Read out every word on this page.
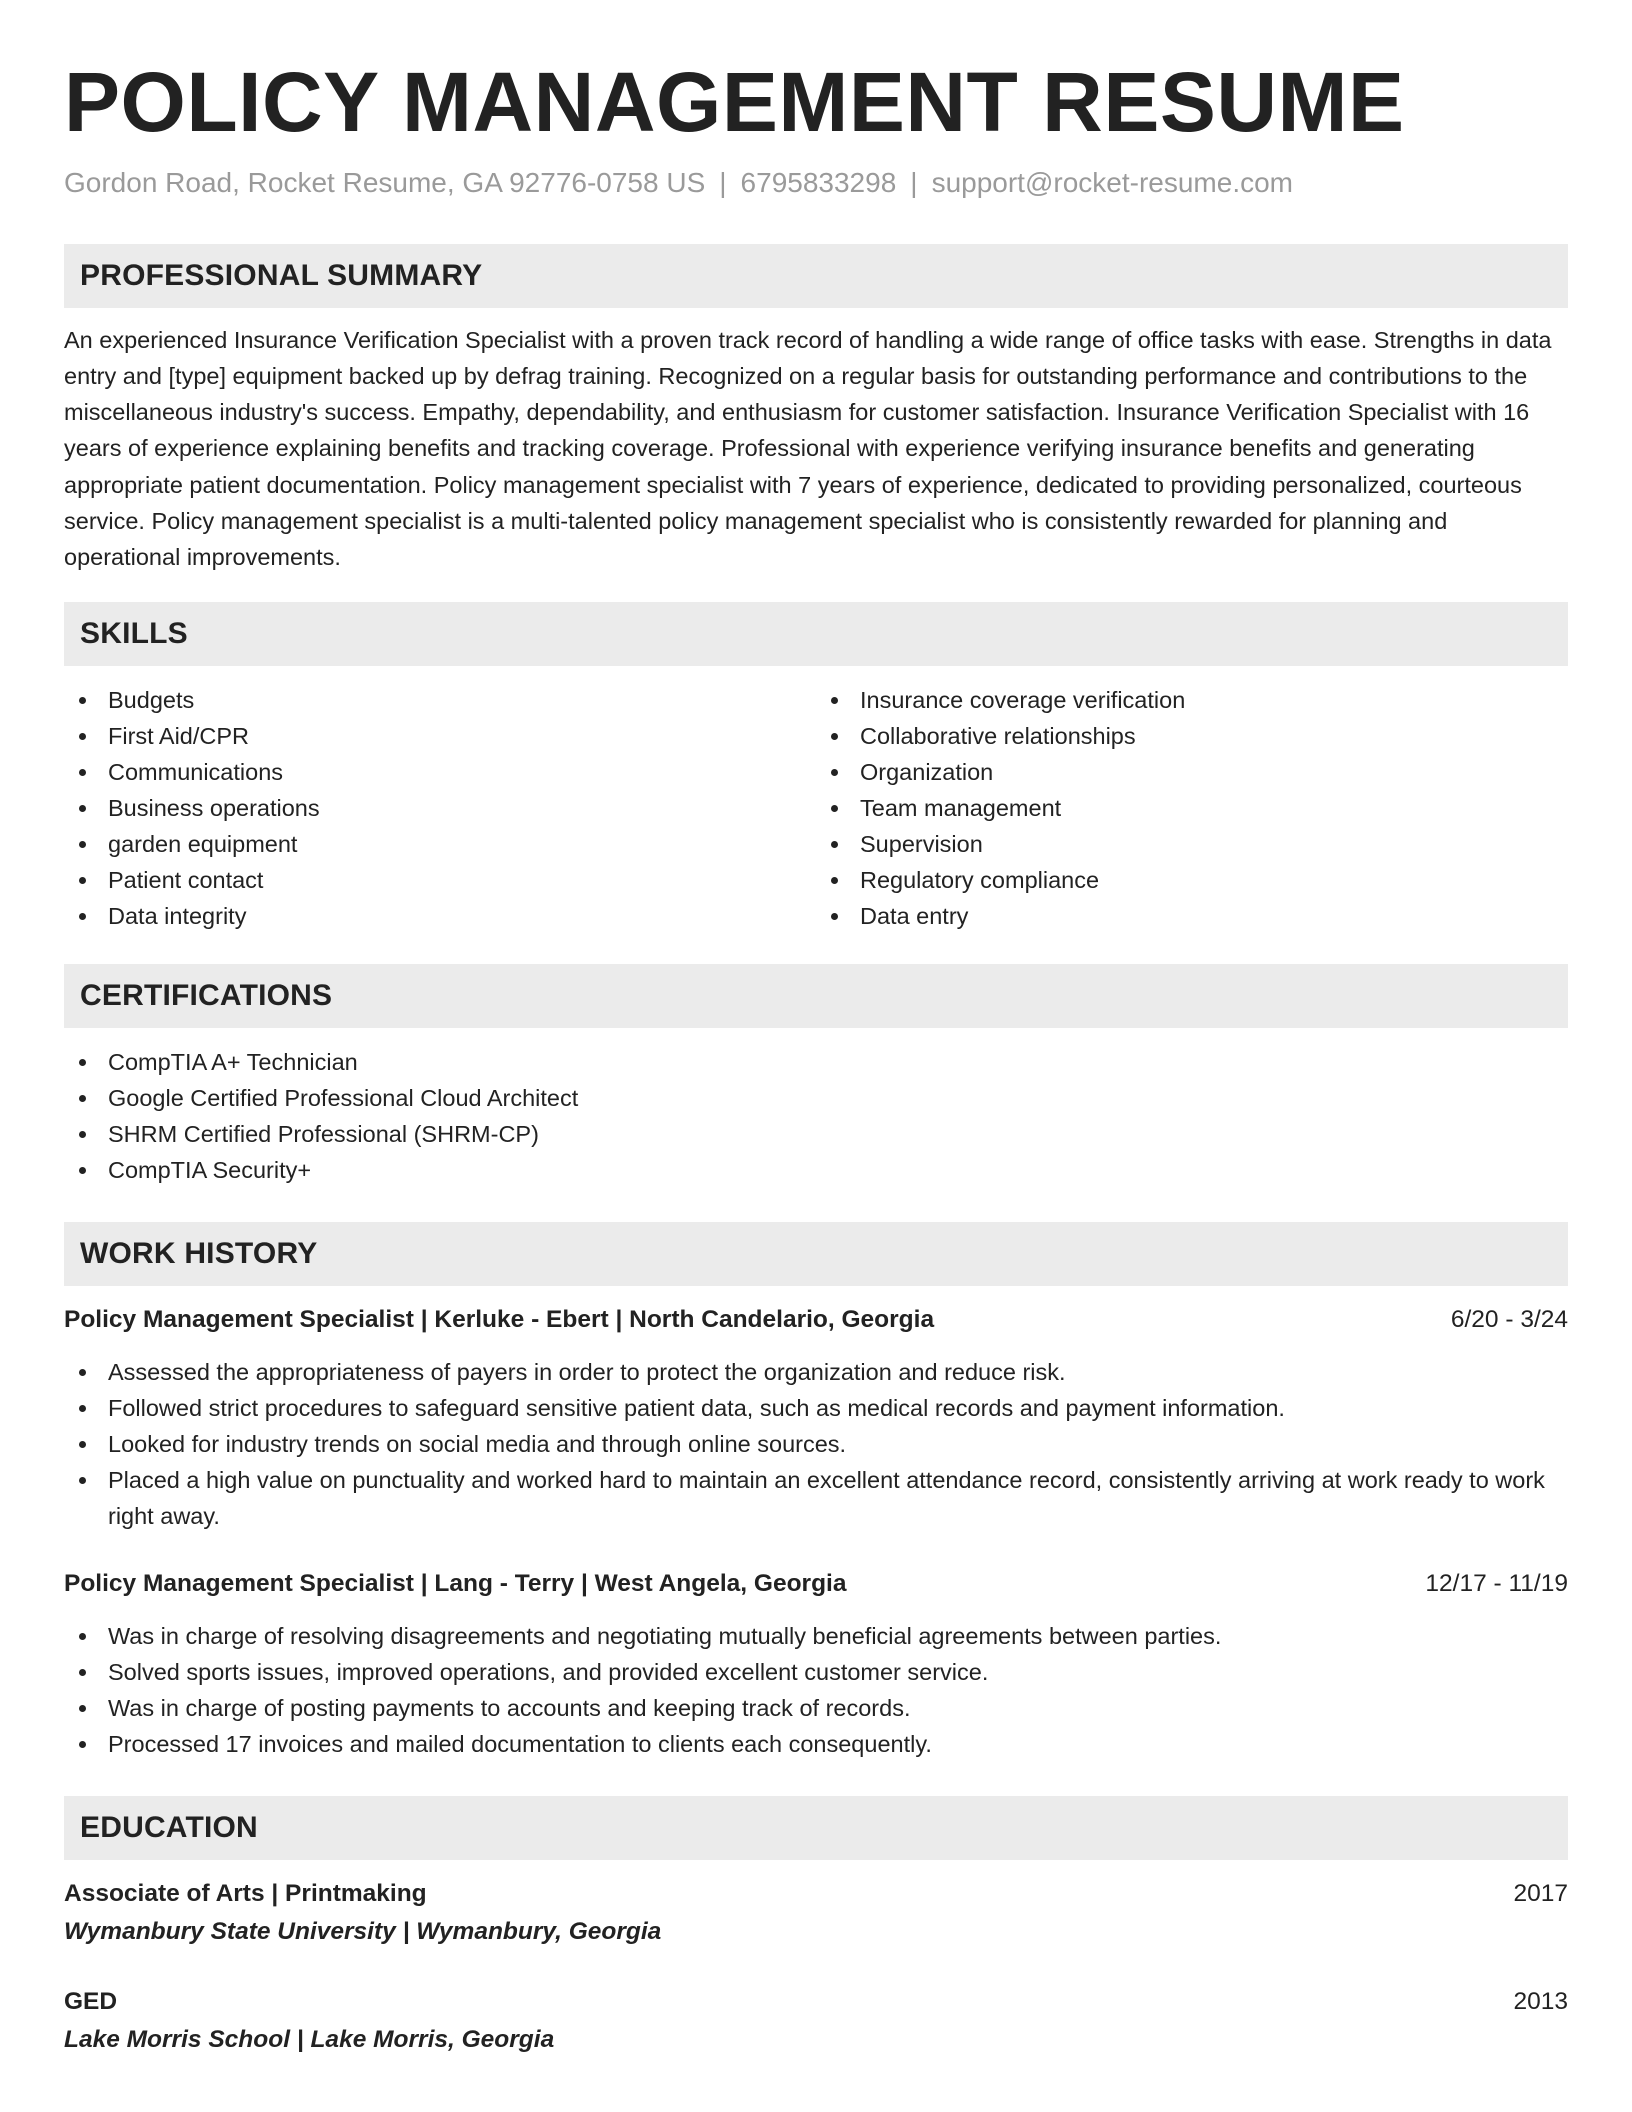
POLICY MANAGEMENT RESUME
Gordon Road, Rocket Resume, GA 92776-0758 US | 6795833298 | support@rocket-resume.com
PROFESSIONAL SUMMARY

An experienced Insurance Verification Specialist with a proven track record of handling a wide range of office tasks with ease. Strengths in data entry and [type] equipment backed up by defrag training. Recognized on a regular basis for outstanding performance and contributions to the miscellaneous industry's success. Empathy, dependability, and enthusiasm for customer satisfaction. Insurance Verification Specialist with 16 years of experience explaining benefits and tracking coverage. Professional with experience verifying insurance benefits and generating appropriate patient documentation. Policy management specialist with 7 years of experience, dedicated to providing personalized, courteous service. Policy management specialist is a multi-talented policy management specialist who is consistently rewarded for planning and operational improvements.

SKILLS
Budgets
First Aid/CPR
Communications
Business operations
garden equipment
Patient contact
Data integrity
Insurance coverage verification
Collaborative relationships
Organization
Team management
Supervision
Regulatory compliance
Data entry
CERTIFICATIONS
CompTIA A+ Technician
Google Certified Professional Cloud Architect
SHRM Certified Professional (SHRM-CP)
CompTIA Security+
WORK HISTORY
Policy Management Specialist | Kerluke - Ebert | North Candelario, Georgia	6/20 - 3/24
Assessed the appropriateness of payers in order to protect the organization and reduce risk.
Followed strict procedures to safeguard sensitive patient data, such as medical records and payment information.
Looked for industry trends on social media and through online sources.
Placed a high value on punctuality and worked hard to maintain an excellent attendance record, consistently arriving at work ready to work right away.
Policy Management Specialist | Lang - Terry | West Angela, Georgia	12/17 - 11/19
Was in charge of resolving disagreements and negotiating mutually beneficial agreements between parties.
Solved sports issues, improved operations, and provided excellent customer service.
Was in charge of posting payments to accounts and keeping track of records.
Processed 17 invoices and mailed documentation to clients each consequently.
EDUCATION
Associate of Arts | Printmaking	2017
Wymanbury State University | Wymanbury, Georgia
GED	2013
Lake Morris School | Lake Morris, Georgia
